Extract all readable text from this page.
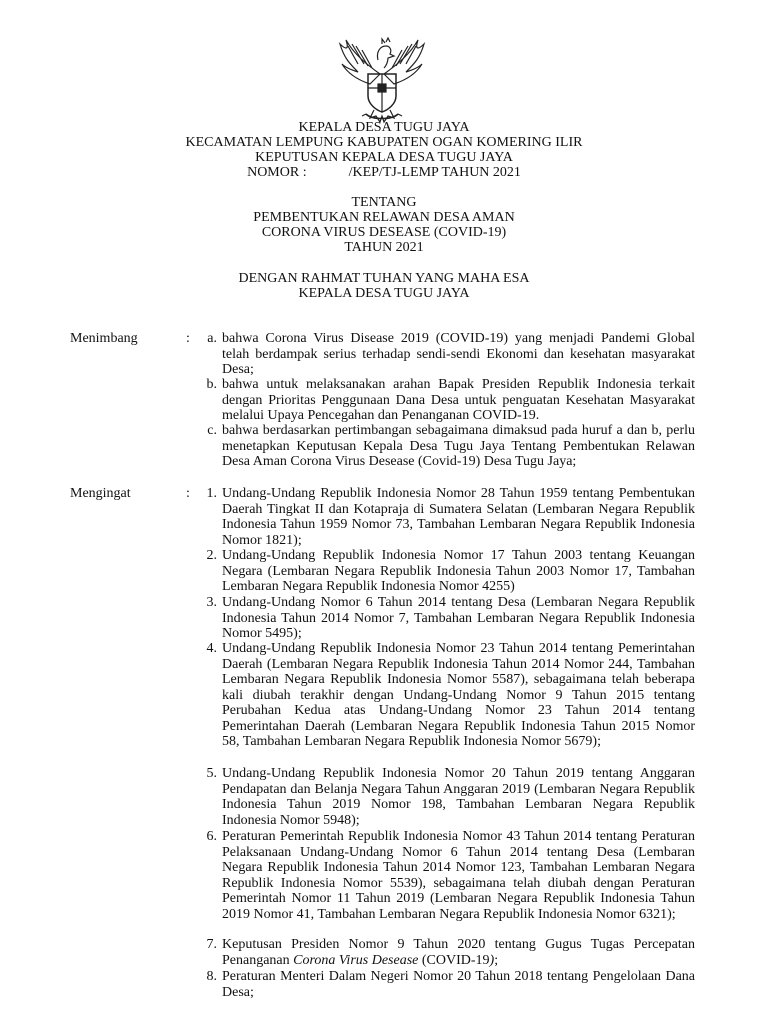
KEPALA DESA TUGU JAYA
KECAMATAN LEMPUNG KABUPATEN OGAN KOMERING ILIR
KEPUTUSAN KEPALA DESA TUGU JAYA
NOMOR :            /KEP/TJ-LEMP TAHUN 2021
TENTANG
PEMBENTUKAN RELAWAN DESA AMAN
CORONA VIRUS DESEASE (COVID-19)
TAHUN 2021
DENGAN RAHMAT TUHAN YANG MAHA ESA
KEPALA DESA TUGU JAYA
Menimbang	:	a. bahwa Corona Virus Disease 2019 (COVID-19) yang menjadi Pandemi Global telah berdampak serius terhadap sendi-sendi Ekonomi dan kesehatan masyarakat Desa;
b. bahwa untuk melaksanakan arahan Bapak Presiden Republik Indonesia terkait dengan Prioritas Penggunaan Dana Desa untuk penguatan Kesehatan Masyarakat melalui Upaya Pencegahan dan Penanganan COVID-19.
c. bahwa berdasarkan pertimbangan sebagaimana dimaksud pada huruf a dan b, perlu menetapkan Keputusan Kepala Desa Tugu Jaya Tentang Pembentukan Relawan Desa Aman Corona Virus Desease (Covid-19) Desa Tugu Jaya;
Mengingat	:	1. Undang-Undang Republik Indonesia Nomor 28 Tahun 1959 tentang Pembentukan Daerah Tingkat II dan Kotapraja di Sumatera Selatan (Lembaran Negara Republik Indonesia Tahun 1959 Nomor 73, Tambahan Lembaran Negara Republik Indonesia Nomor 1821);
2. Undang-Undang Republik Indonesia Nomor 17 Tahun 2003 tentang Keuangan Negara (Lembaran Negara Republik Indonesia Tahun 2003 Nomor 17, Tambahan Lembaran Negara Republik Indonesia Nomor 4255)
3. Undang-Undang Nomor 6 Tahun 2014 tentang Desa (Lembaran Negara Republik Indonesia Tahun 2014 Nomor 7, Tambahan Lembaran Negara Republik Indonesia Nomor 5495);
4. Undang-Undang Republik Indonesia Nomor 23 Tahun 2014 tentang Pemerintahan Daerah (Lembaran Negara Republik Indonesia Tahun 2014 Nomor 244, Tambahan Lembaran Negara Republik Indonesia Nomor 5587), sebagaimana telah beberapa kali diubah terakhir dengan Undang-Undang Nomor 9 Tahun 2015 tentang Perubahan Kedua atas Undang-Undang Nomor 23 Tahun 2014 tentang Pemerintahan Daerah (Lembaran Negara Republik Indonesia Tahun 2015 Nomor 58, Tambahan Lembaran Negara Republik Indonesia Nomor 5679);
5. Undang-Undang Republik Indonesia Nomor 20 Tahun 2019 tentang Anggaran Pendapatan dan Belanja Negara Tahun Anggaran 2019 (Lembaran Negara Republik Indonesia Tahun 2019 Nomor 198, Tambahan Lembaran Negara Republik Indonesia Nomor 5948);
6. Peraturan Pemerintah Republik Indonesia Nomor 43 Tahun 2014 tentang Peraturan Pelaksanaan Undang-Undang Nomor 6 Tahun 2014 tentang Desa (Lembaran Negara Republik Indonesia Tahun 2014 Nomor 123, Tambahan Lembaran Negara Republik Indonesia Nomor 5539), sebagaimana telah diubah dengan Peraturan Pemerintah Nomor 11 Tahun 2019 (Lembaran Negara Republik Indonesia Tahun 2019 Nomor 41, Tambahan Lembaran Negara Republik Indonesia Nomor 6321);
7. Keputusan Presiden Nomor 9 Tahun 2020 tentang Gugus Tugas Percepatan Penanganan Corona Virus Desease (COVID-19);
8. Peraturan Menteri Dalam Negeri Nomor 20 Tahun 2018 tentang Pengelolaan Dana Desa;
